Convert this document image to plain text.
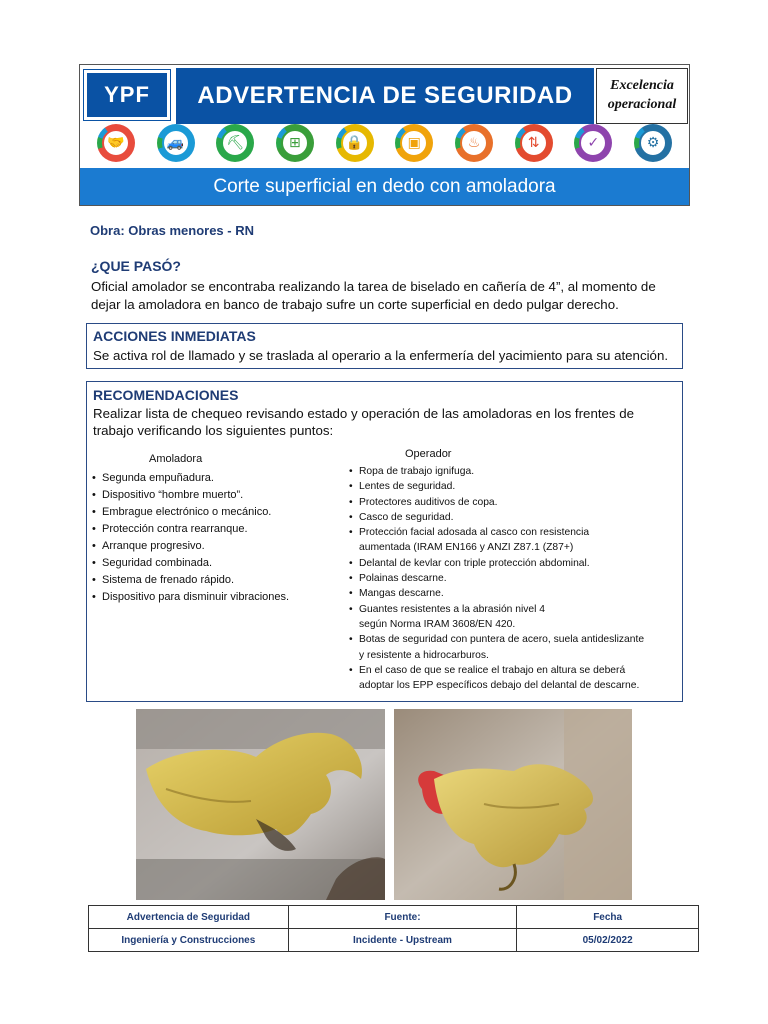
YPF	ADVERTENCIA DE SEGURIDAD	Excelencia
operacional
🤝	🚙	⛏	⊞	🔒	▣	♨	⇅	✓	⚙
Corte superficial en dedo con amoladora
Obra: Obras menores - RN
¿QUE PASÓ?
Oficial amolador se encontraba realizando la tarea de biselado en cañería de 4”, al momento de dejar la amoladora en banco de trabajo sufre un corte superficial en dedo pulgar derecho.
ACCIONES INMEDIATAS
Se activa rol de llamado y se traslada al operario a la enfermería del yacimiento para su atención.
RECOMENDACIONES
Realizar lista de chequeo revisando estado y operación de las amoladoras en los frentes de trabajo verificando los siguientes puntos:
Amoladora
• Segunda empuñadura.
• Dispositivo “hombre muerto”.
• Embrague electrónico o mecánico.
• Protección contra rearranque.
• Arranque progresivo.
• Seguridad combinada.
• Sistema de frenado rápido.
• Dispositivo para disminuir vibraciones.
Operador
• Ropa de trabajo ignifuga.
• Lentes de seguridad.
• Protectores auditivos de copa.
• Casco de seguridad.
• Protección facial adosada al casco con resistencia
aumentada (IRAM EN166 y ANZI Z87.1 (Z87+)
• Delantal de kevlar con triple protección abdominal.
• Polainas descarne.
• Mangas descarne.
• Guantes resistentes a la abrasión nivel 4
según Norma IRAM 3608/EN 420.
• Botas de seguridad con puntera de acero, suela antideslizante
y resistente a hidrocarburos.
• En el caso de que se realice el trabajo en altura se deberá
adoptar los EPP específicos debajo del delantal de descarne.
Advertencia de Seguridad	Fuente:	Fecha
Ingeniería y Construcciones	Incidente - Upstream	05/02/2022
